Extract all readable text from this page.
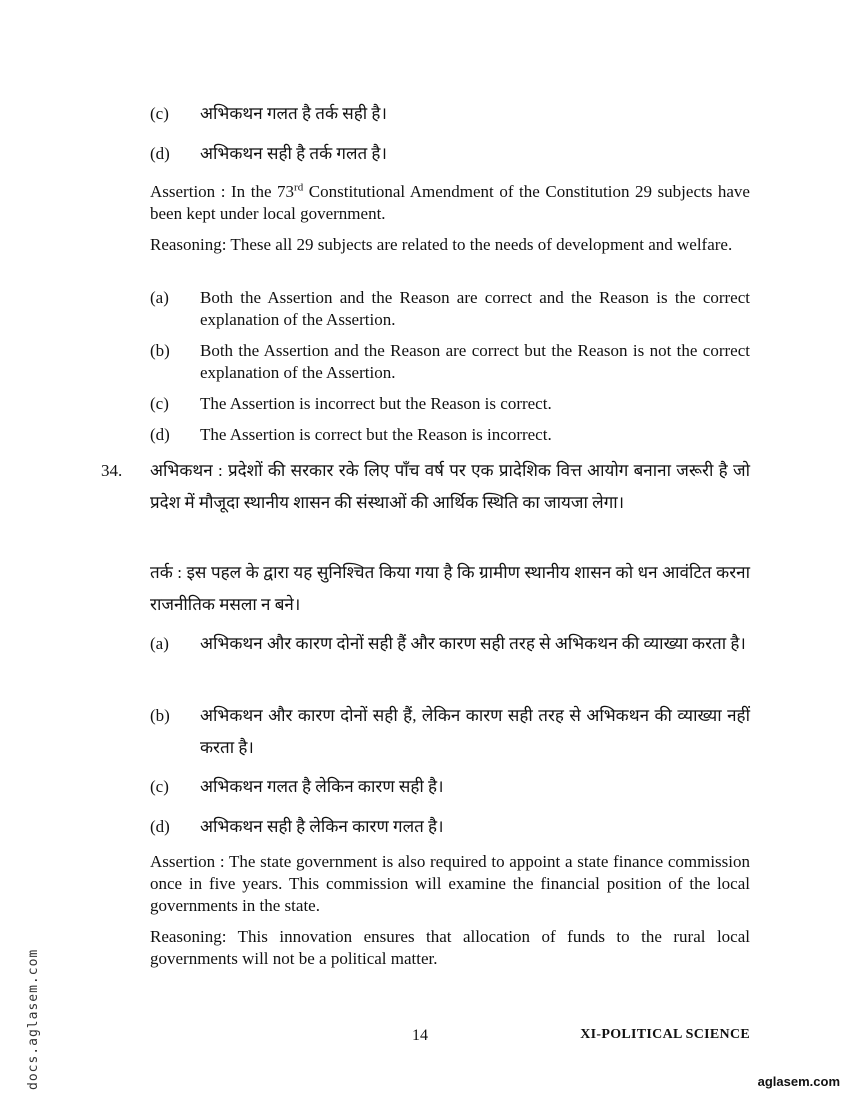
(c) अभिकथन गलत है तर्क सही है।
(d) अभिकथन सही है तर्क गलत है।
Assertion : In the 73rd Constitutional Amendment of the Constitution 29 subjects have been kept under local government.
Reasoning: These all 29 subjects are related to the needs of development and welfare.
(a) Both the Assertion and the Reason are correct and the Reason is the correct explanation of the Assertion.
(b) Both the Assertion and the Reason are correct but the Reason is not the correct explanation of the Assertion.
(c) The Assertion is incorrect but the Reason is correct.
(d) The Assertion is correct but the Reason is incorrect.
34. अभिकथन : प्रदेशों की सरकार रके लिए पाँच वर्ष पर एक प्रादेशिक वित्त आयोग बनाना जरूरी है जो प्रदेश में मौजूदा स्थानीय शासन की संस्थाओं की आर्थिक स्थिति का जायजा लेगा।
तर्क : इस पहल के द्वारा यह सुनिश्चित किया गया है कि ग्रामीण स्थानीय शासन को धन आवंटित करना राजनीतिक मसला न बने।
(a) अभिकथन और कारण दोनों सही हैं और कारण सही तरह से अभिकथन की व्याख्या करता है।
(b) अभिकथन और कारण दोनों सही हैं, लेकिन कारण सही तरह से अभिकथन की व्याख्या नहीं करता है।
(c) अभिकथन गलत है लेकिन कारण सही है।
(d) अभिकथन सही है लेकिन कारण गलत है।
Assertion : The state government is also required to appoint a state finance commission once in five years. This commission will examine the financial position of the local governments in the state.
Reasoning: This innovation ensures that allocation of funds to the rural local governments will not be a political matter.
14	XI-POLITICAL SCIENCE
docs.aglasem.com	aglasem.com
